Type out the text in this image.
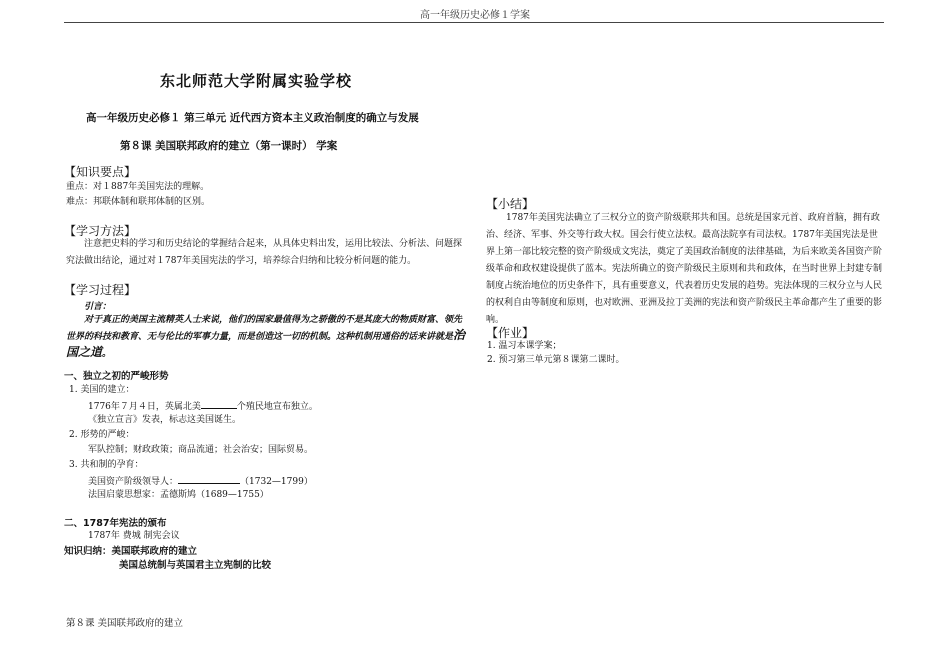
高一年级历史必修１学案
东北师范大学附属实验学校
高一年级历史必修１ 第三单元 近代西方资本主义政治制度的确立与发展
第８课 美国联邦政府的建立（第一课时） 学案
【知识要点】
重点：对１887年美国宪法的理解。
难点：邦联体制和联邦体制的区别。
【学习方法】
注意把史料的学习和历史结论的掌握结合起来，从具体史料出发，运用比较法、分析法、问题探究法做出结论，通过对１787年美国宪法的学习，培养综合归纳和比较分析问题的能力。
【学习过程】
引言：
对于真正的美国主流精英人士来说，他们的国家最值得为之骄傲的不是其庞大的物质财富、领先世界的科技和教育、无与伦比的军事力量，而是创造这一切的机制。这种机制用通俗的话来讲就是治国之道。
一、独立之初的严峻形势
1. 美国的建立：
1776年７月４日，英属北美	个殖民地宣布独立。
《独立宣言》发表，标志这美国诞生。
2. 形势的严峻：
军队控制；财政政策；商品流通；社会治安；国际贸易。
3. 共和制的孕育：
美国资产阶级领导人：	（1732—1799）
法国启蒙思想家：孟德斯鸠（1689—1755）
二、1787年宪法的颁布
1787年 费城 制宪会议
知识归纳：美国联邦政府的建立
美国总统制与英国君主立宪制的比较
【小结】
1787年美国宪法确立了三权分立的资产阶级联邦共和国。总统是国家元首、政府首脑，拥有政治、经济、军事、外交等行政大权。国会行使立法权。最高法院享有司法权。1787年美国宪法是世界上第一部比较完整的资产阶级成文宪法，奠定了美国政治制度的法律基础，为后来欧美各国资产阶级革命和政权建设提供了蓝本。宪法所确立的资产阶级民主原则和共和政体，在当时世界上封建专制制度占统治地位的历史条件下，具有重要意义，代表着历史发展的趋势。宪法体现的三权分立与人民的权利自由等制度和原则，也对欧洲、亚洲及拉丁美洲的宪法和资产阶级民主革命都产生了重要的影响。
【作业】
1. 温习本课学案；
2. 预习第三单元第８课第二课时。
第８课 美国联邦政府的建立
